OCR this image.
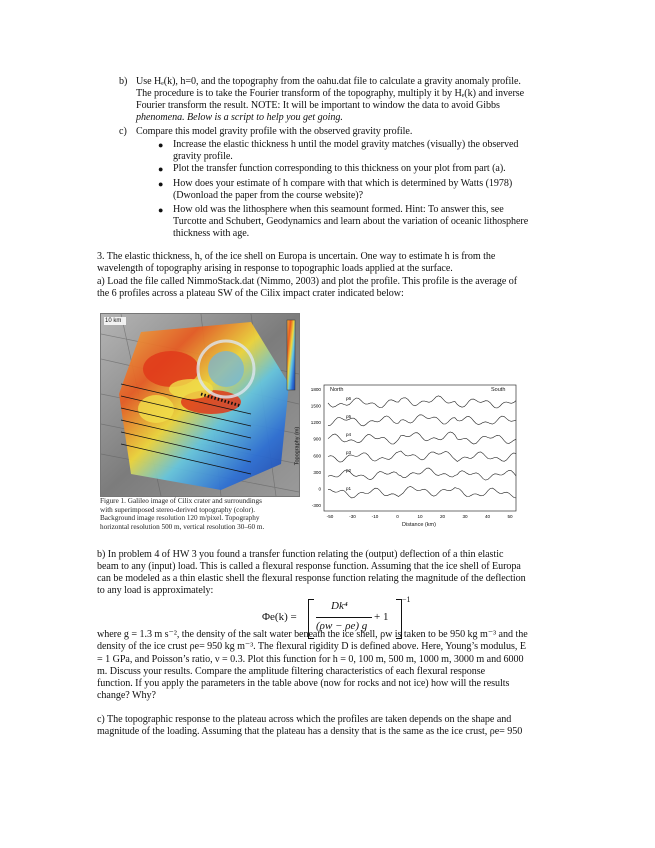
b) Use Hₑ(k), h=0, and the topography from the oahu.dat file to calculate a gravity anomaly profile.
The procedure is to take the Fourier transform of the topography, multiply it by Hₑ(k) and inverse
Fourier transform the result. NOTE: It will be important to window the data to avoid Gibbs
phenomena. Below is a script to help you get going.
c) Compare this model gravity profile with the observed gravity profile.
● Increase the elastic thickness h until the model gravity matches (visually) the observed
gravity profile.
● Plot the transfer function corresponding to this thickness on your plot from part (a).
● How does your estimate of h compare with that which is determined by Watts (1978)
(Dwonload the paper from the course website)?
● How old was the lithosphere when this seamount formed. Hint: To answer this, see
Turcotte and Schubert, Geodynamics and learn about the variation of oceanic lithosphere
thickness with age.
3. The elastic thickness, h, of the ice shell on Europa is uncertain. One way to estimate h is from the
wavelength of topography arising in response to topographic loads applied at the surface.
a) Load the file called NimmoStack.dat (Nimmo, 2003) and plot the profile. This profile is the average of
the 6 profiles across a plateau SW of the Cilix impact crater indicated below:
10 km
Figure 1. Galileo image of Cilix crater and surroundings
with superimposed stereo-derived topography (color).
Background image resolution 120 m/pixel. Topography
horizontal resolution 500 m, vertical resolution 30–60 m.
1800
1500
1200
900
600
300
0
-300
-50	-30	-10	0	10	20	30	40	50
p6
p5
p4
p3
p2
p1
Topography (m)
Distance (km)
North	South
b) In problem 4 of HW 3 you found a transfer function relating the (output) deflection of a thin elastic
beam to any (input) load. This is called a flexural response function. Assuming that the ice shell of Europa
can be modeled as a thin elastic shell the flexural response function relating the magnitude of the deflection
to any load is approximately:
Φe(k) =
Dk⁴
(ρw − ρe) g
+ 1
−1
where g = 1.3 m s⁻², the density of the salt water beneath the ice shell, ρw is taken to be 950 kg m⁻³ and the
density of the ice crust ρe= 950 kg m⁻³. The flexural rigidity D is defined above. Here, Young’s modulus, E
= 1 GPa, and Poisson’s ratio, ν = 0.3. Plot this function for h = 0, 100 m, 500 m, 1000 m, 3000 m and 6000
m. Discuss your results. Compare the amplitude filtering characteristics of each flexural response
function. If you apply the parameters in the table above (now for rocks and not ice) how will the results
change? Why?
c) The topographic response to the plateau across which the profiles are taken depends on the shape and
magnitude of the loading. Assuming that the plateau has a density that is the same as the ice crust, ρe= 950
